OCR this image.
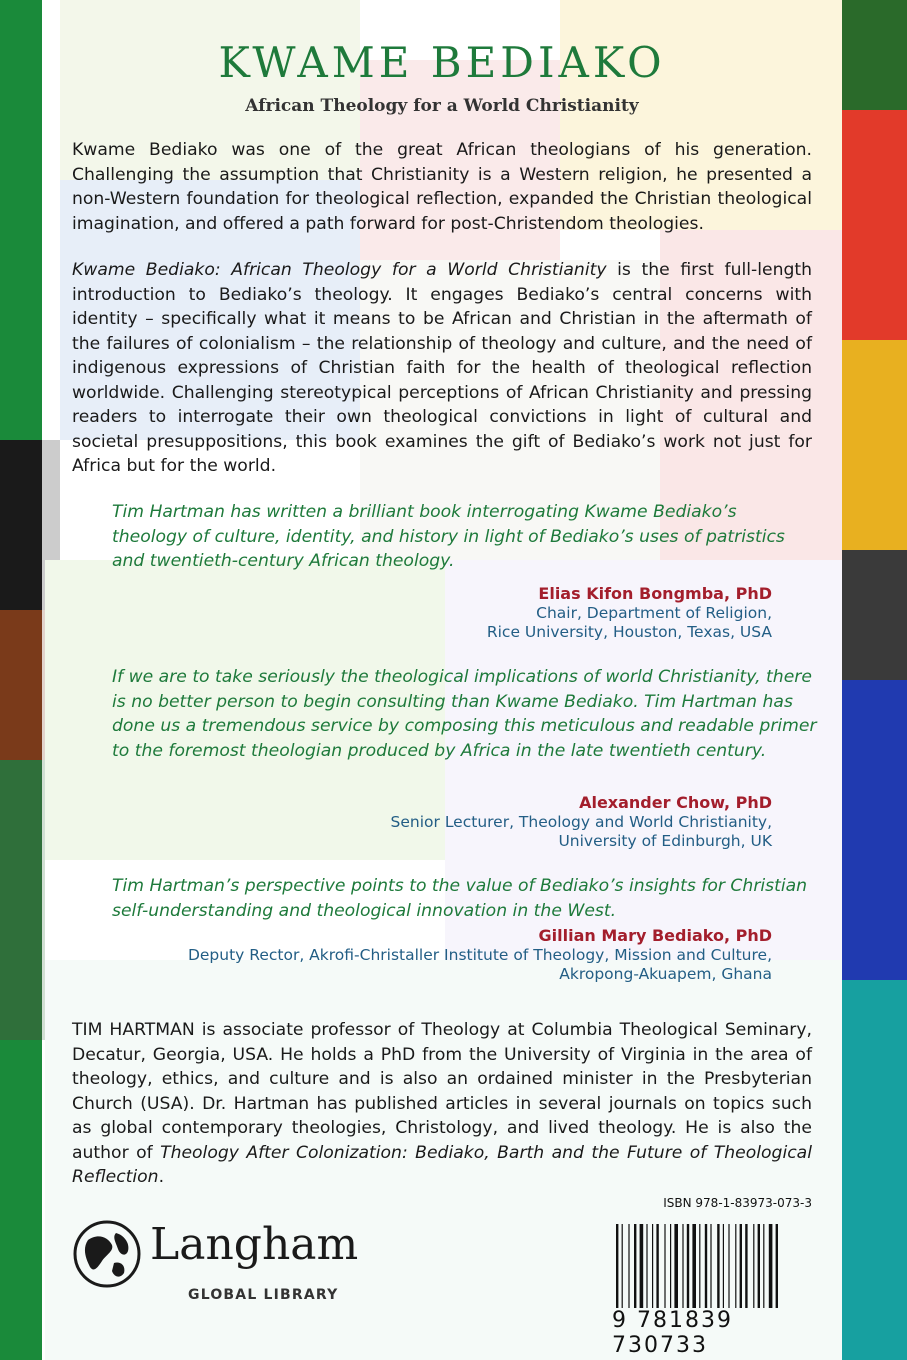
KWAME BEDIAKO
African Theology for a World Christianity

Kwame Bediako was one of the great African theologians of his generation. Challenging the assumption that Christianity is a Western religion, he presented a non-Western foundation for theological reflection, expanded the Christian theological imagination, and offered a path forward for post-Christendom theologies.

Kwame Bediako: African Theology for a World Christianity is the first full-length introduction to Bediako’s theology. It engages Bediako’s central concerns with identity – specifically what it means to be African and Christian in the aftermath of the failures of colonialism – the relationship of theology and culture, and the need of indigenous expressions of Christian faith for the health of theological reflection worldwide. Challenging stereotypical perceptions of African Christianity and pressing readers to interrogate their own theological convictions in light of cultural and societal presuppositions, this book examines the gift of Bediako’s work not just for Africa but for the world.

Tim Hartman has written a brilliant book interrogating Kwame Bediako’s theology of culture, identity, and history in light of Bediako’s uses of patristics and twentieth-century African theology.
Elias Kifon Bongmba, PhD
Chair, Department of Religion,
Rice University, Houston, Texas, USA
If we are to take seriously the theological implications of world Christianity, there is no better person to begin consulting than Kwame Bediako. Tim Hartman has done us a tremendous service by composing this meticulous and readable primer to the foremost theologian produced by Africa in the late twentieth century.
Alexander Chow, PhD
Senior Lecturer, Theology and World Christianity,
University of Edinburgh, UK
Tim Hartman’s perspective points to the value of Bediako’s insights for Christian self-understanding and theological innovation in the West.
Gillian Mary Bediako, PhD
Deputy Rector, Akrofi-Christaller Institute of Theology, Mission and Culture,
Akropong-Akuapem, Ghana

TIM HARTMAN is associate professor of Theology at Columbia Theological Seminary, Decatur, Georgia, USA. He holds a PhD from the University of Virginia in the area of theology, ethics, and culture and is also an ordained minister in the Presbyterian Church (USA). Dr. Hartman has published articles in several journals on topics such as global contemporary theologies, Christology, and lived theology. He is also the author of Theology After Colonization: Bediako, Barth and the Future of Theological Reflection.

Langham
GLOBAL LIBRARY
ISBN 978-1-83973-073-3
9 781839 730733
